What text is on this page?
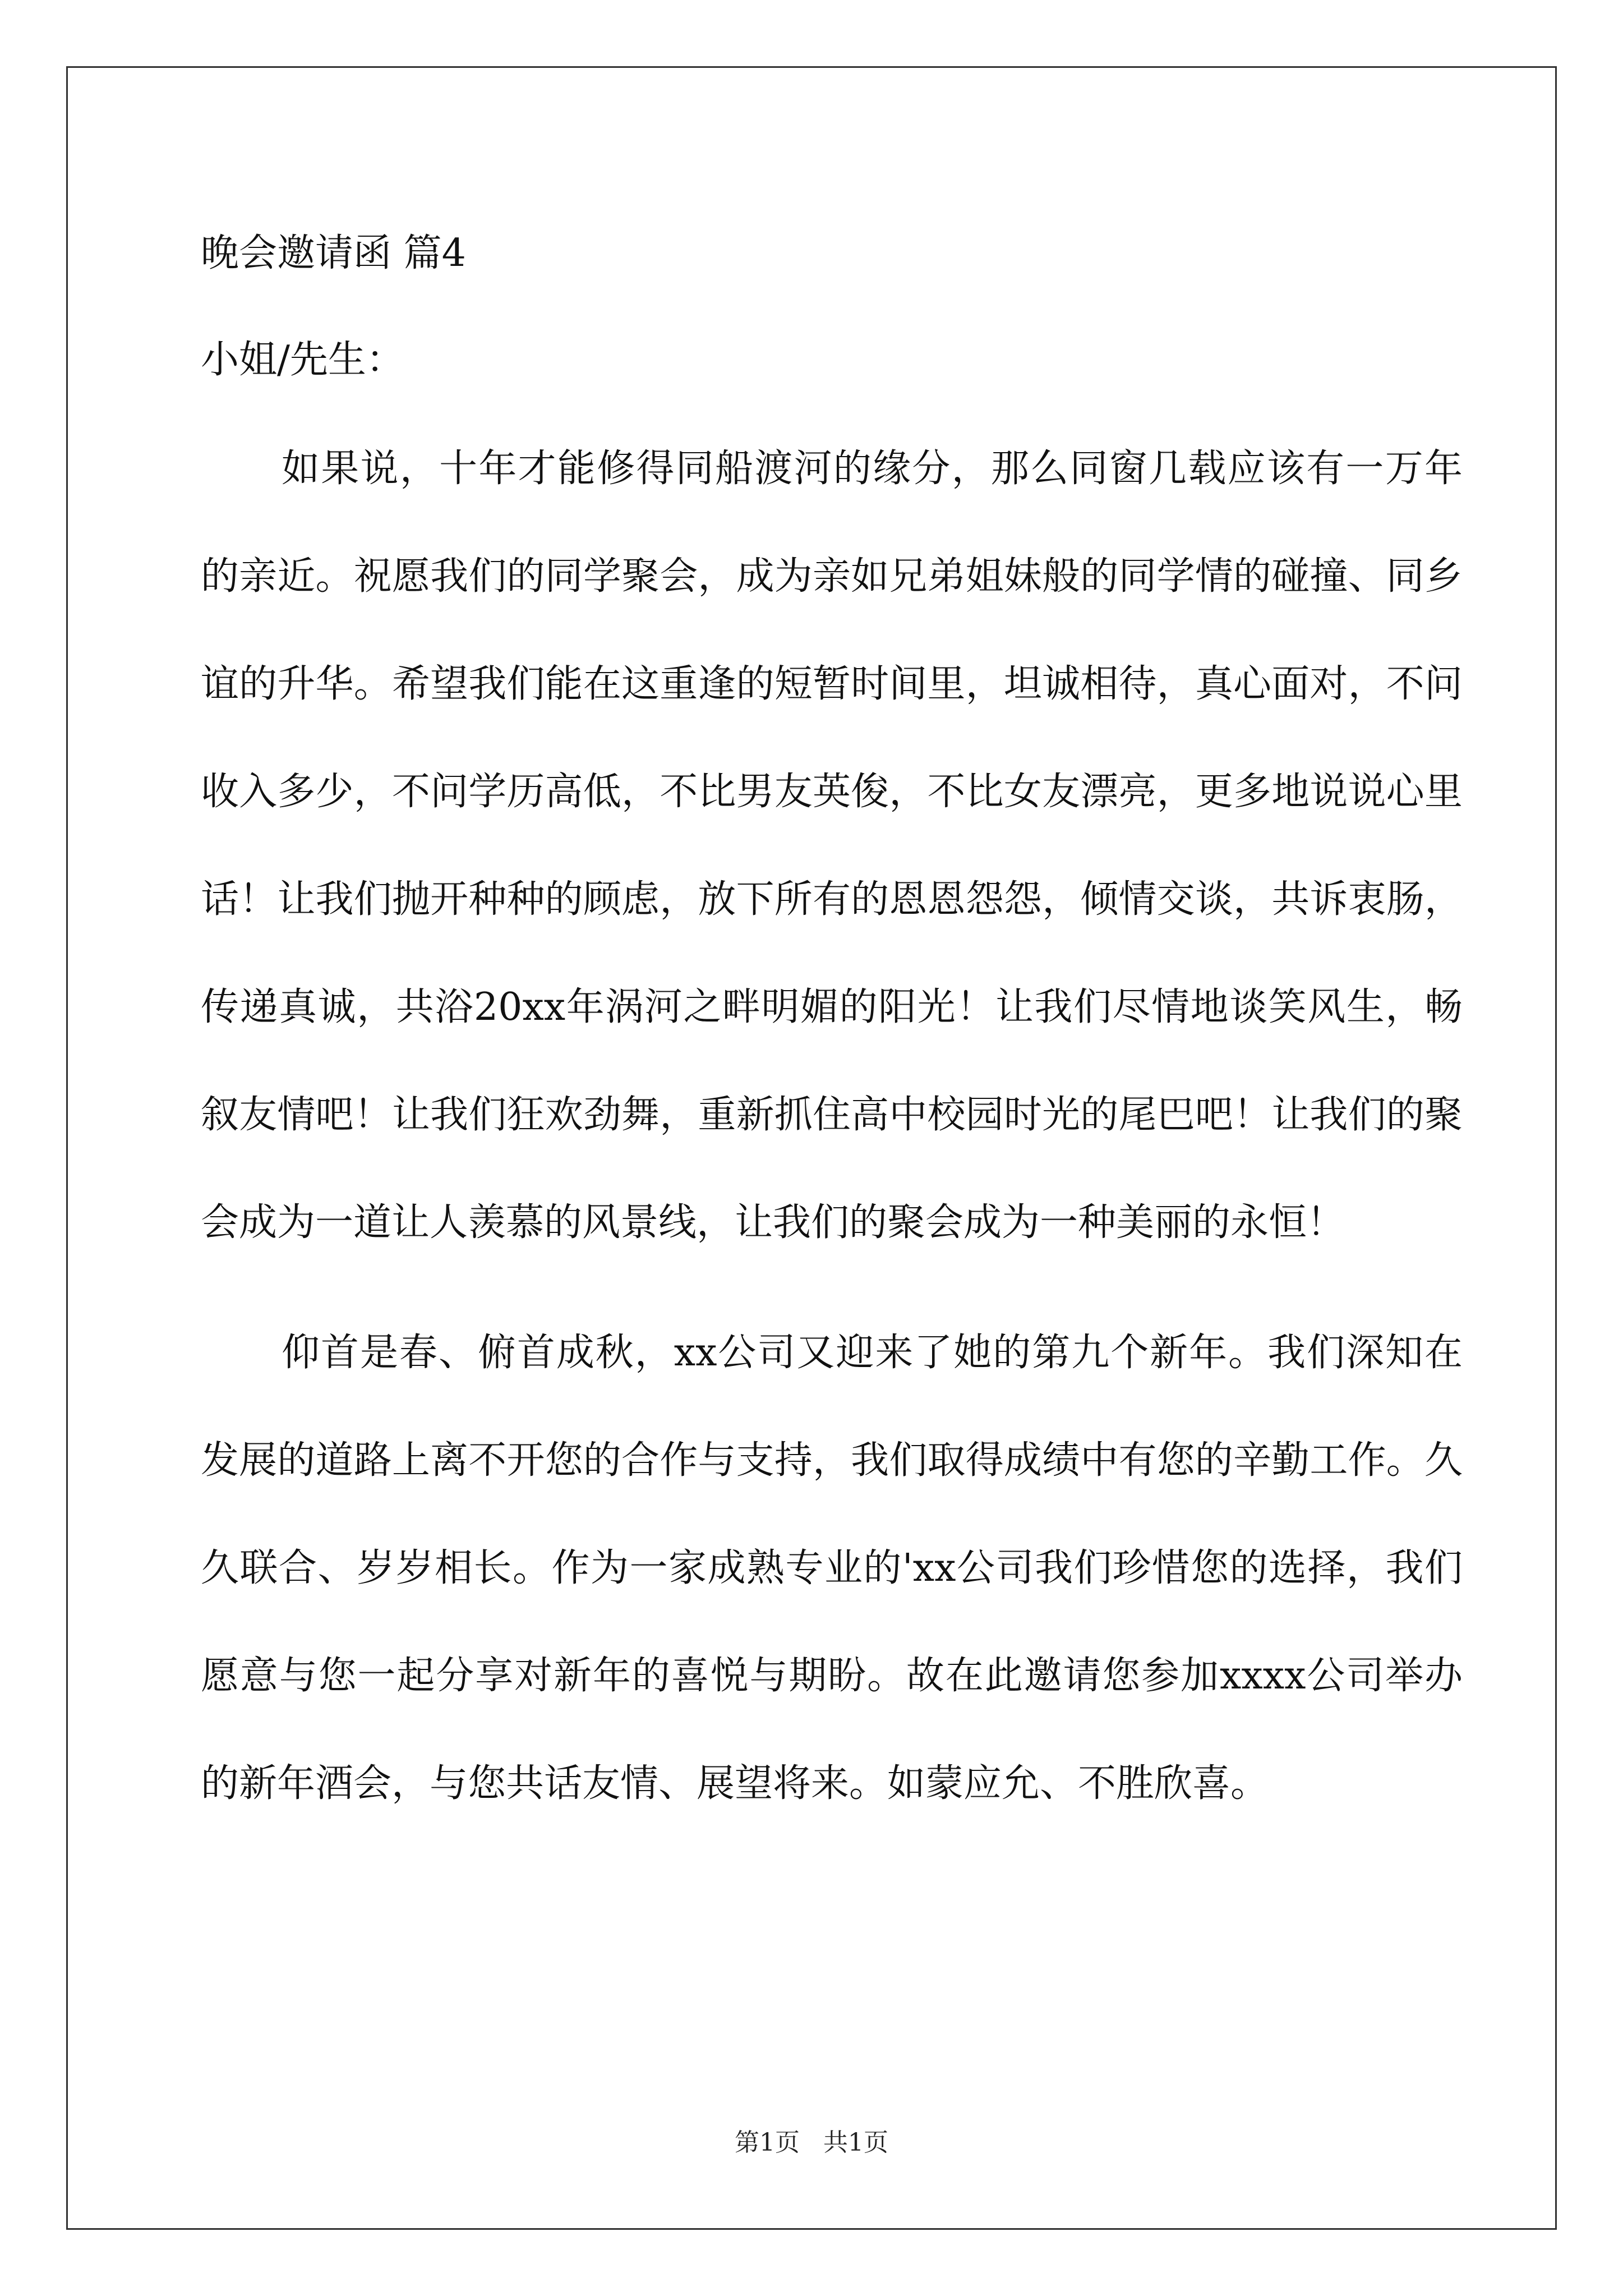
晚会邀请函 篇4
小姐/先生：

如果说，十年才能修得同船渡河的缘分，那么同窗几载应该有一万年的亲近。祝愿我们的同学聚会，成为亲如兄弟姐妹般的同学情的碰撞、同乡谊的升华。希望我们能在这重逢的短暂时间里，坦诚相待，真心面对，不问收入多少，不问学历高低，不比男友英俊，不比女友漂亮，更多地说说心里话！让我们抛开种种的顾虑，放下所有的恩恩怨怨，倾情交谈，共诉衷肠，传递真诚，共浴20xx年涡河之畔明媚的阳光！让我们尽情地谈笑风生，畅叙友情吧！让我们狂欢劲舞，重新抓住高中校园时光的尾巴吧！让我们的聚会成为一道让人羡慕的风景线，让我们的聚会成为一种美丽的永恒！

仰首是春、俯首成秋，xx公司又迎来了她的第九个新年。我们深知在发展的道路上离不开您的合作与支持，我们取得成绩中有您的辛勤工作。久久联合、岁岁相长。作为一家成熟专业的'xx公司我们珍惜您的选择，我们愿意与您一起分享对新年的喜悦与期盼。故在此邀请您参加xxxx公司举办的新年酒会，与您共话友情、展望将来。如蒙应允、不胜欣喜。

第1页   共1页
